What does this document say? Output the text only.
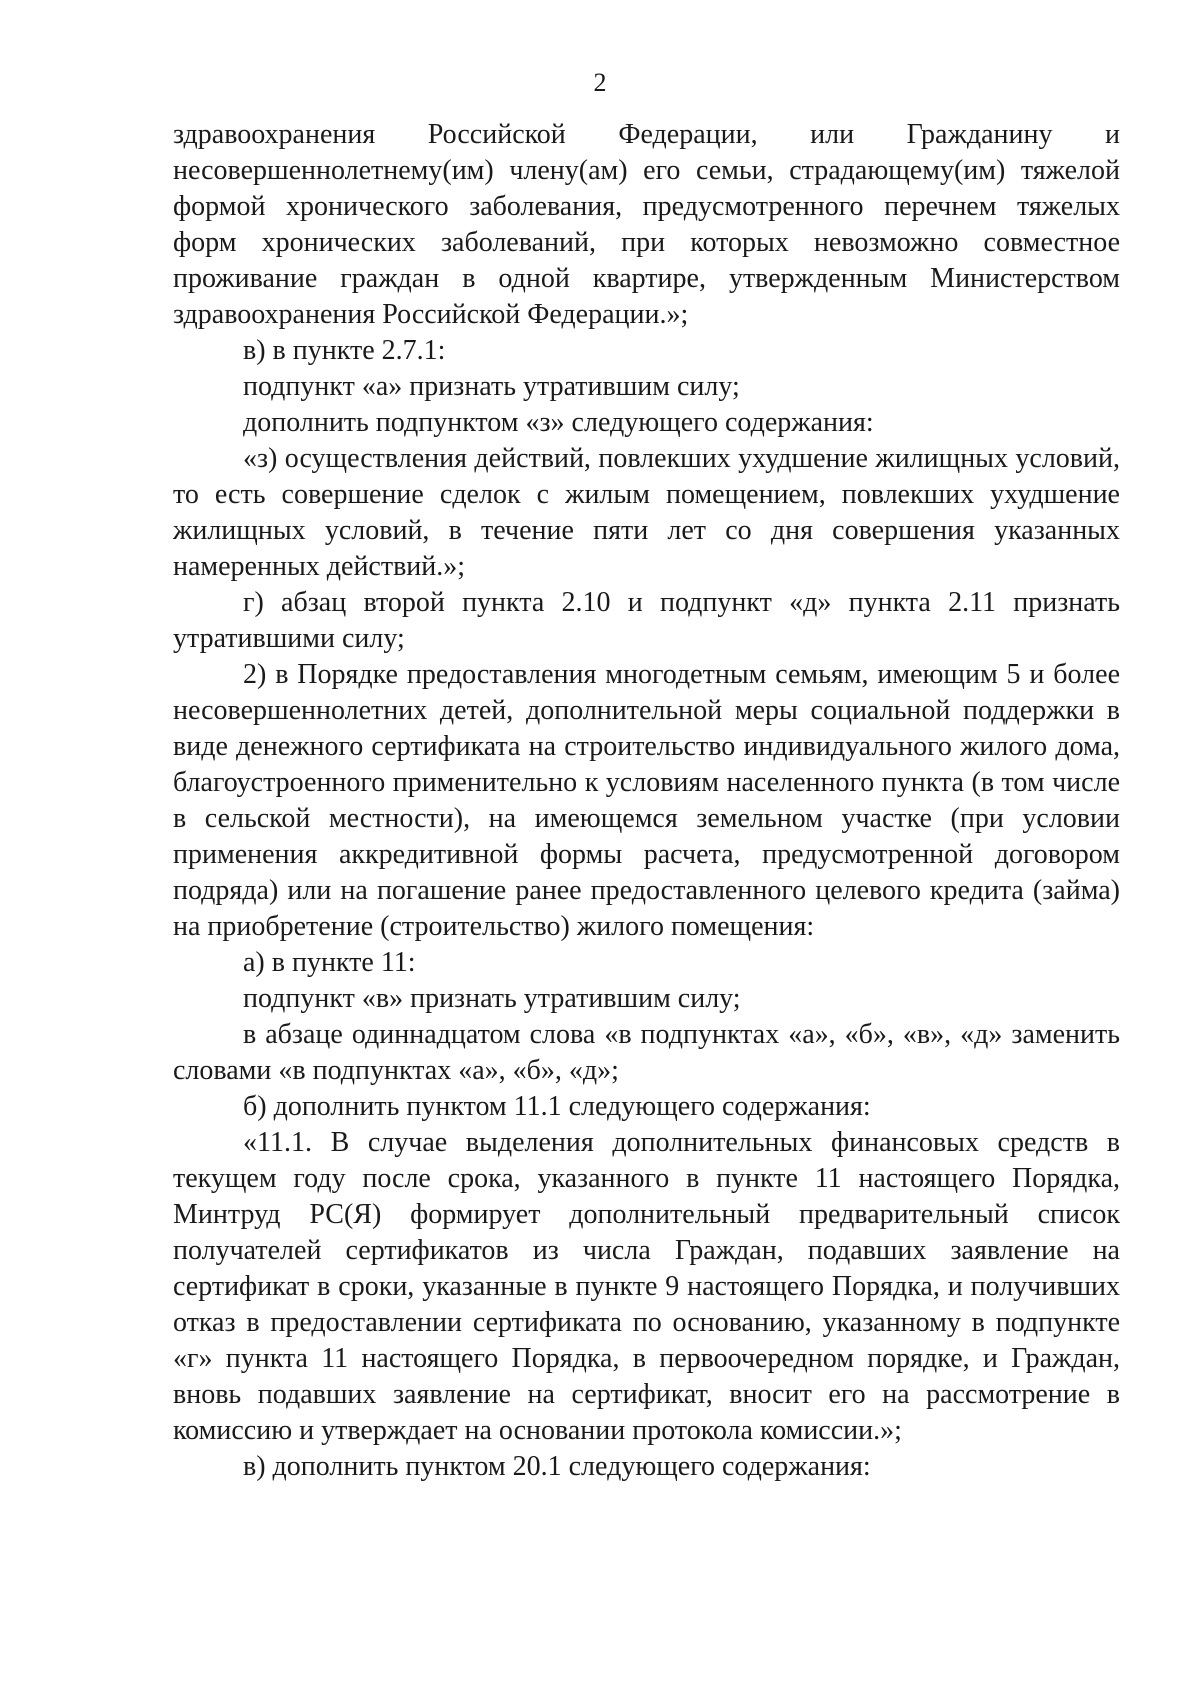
2

здравоохранения Российской Федерации, или Гражданину и несовершеннолетнему(им) члену(ам) его семьи, страдающему(им) тяжелой формой хронического заболевания, предусмотренного перечнем тяжелых форм хронических заболеваний, при которых невозможно совместное проживание граждан в одной квартире, утвержденным Министерством здравоохранения Российской Федерации.»;

в) в пункте 2.7.1:

подпункт «а» признать утратившим силу;

дополнить подпунктом «з» следующего содержания:

«з) осуществления действий, повлекших ухудшение жилищных условий, то есть совершение сделок с жилым помещением, повлекших ухудшение жилищных условий, в течение пяти лет со дня совершения указанных намеренных действий.»;

г) абзац второй пункта 2.10 и подпункт «д» пункта 2.11 признать утратившими силу;

2) в Порядке предоставления многодетным семьям, имеющим 5 и более несовершеннолетних детей, дополнительной меры социальной поддержки в виде денежного сертификата на строительство индивидуального жилого дома, благоустроенного применительно к условиям населенного пункта (в том числе в сельской местности), на имеющемся земельном участке (при условии применения аккредитивной формы расчета, предусмотренной договором подряда) или на погашение ранее предоставленного целевого кредита (займа) на приобретение (строительство) жилого помещения:

а) в пункте 11:

подпункт «в» признать утратившим силу;

в абзаце одиннадцатом слова «в подпунктах «а», «б», «в», «д» заменить словами «в подпунктах «а», «б», «д»;

б) дополнить пунктом 11.1 следующего содержания:

«11.1. В случае выделения дополнительных финансовых средств в текущем году после срока, указанного в пункте 11 настоящего Порядка, Минтруд РС(Я) формирует дополнительный предварительный список получателей сертификатов из числа Граждан, подавших заявление на сертификат в сроки, указанные в пункте 9 настоящего Порядка, и получивших отказ в предоставлении сертификата по основанию, указанному в подпункте «г» пункта 11 настоящего Порядка, в первоочередном порядке, и Граждан, вновь подавших заявление на сертификат, вносит его на рассмотрение в комиссию и утверждает на основании протокола комиссии.»;

в) дополнить пунктом 20.1 следующего содержания:
